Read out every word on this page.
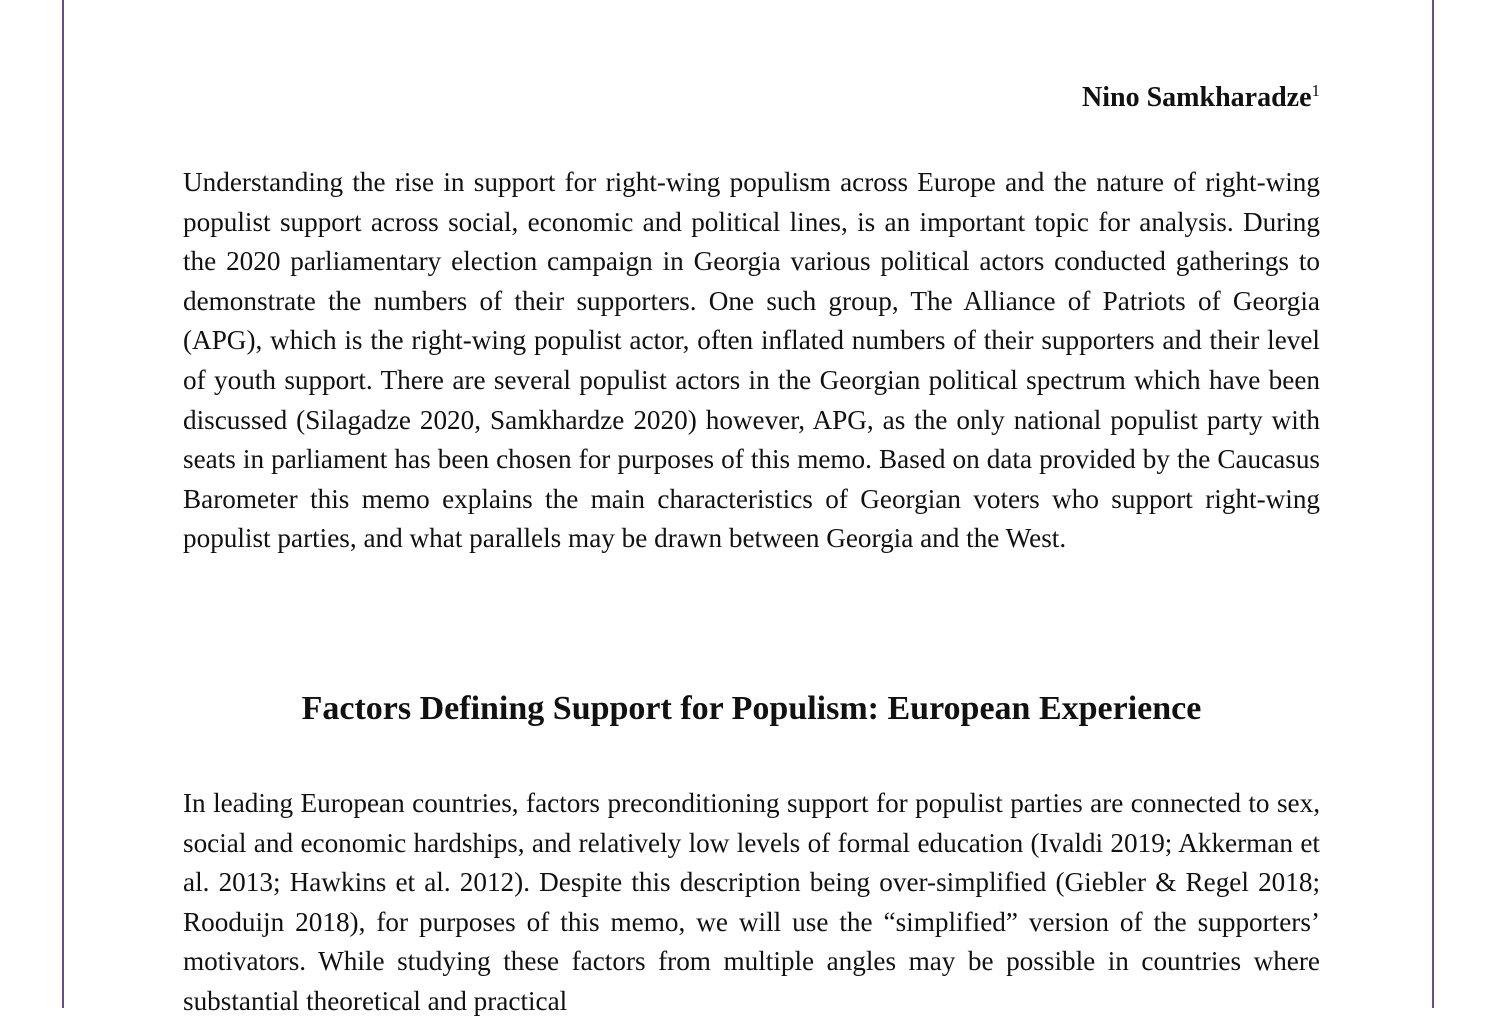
Nino Samkharadze$^1$

Understanding the rise in support for right-wing populism across Europe and the nature of right-wing populist support across social, economic and political lines, is an important topic for analysis. During the 2020 parliamentary election campaign in Georgia various political actors conducted gatherings to demonstrate the numbers of their supporters. One such group, The Alliance of Patriots of Georgia (APG), which is the right-wing populist actor, often inflated numbers of their supporters and their level of youth support. There are several populist actors in the Georgian political spectrum which have been discussed (Silagadze 2020, Samkhardze 2020) however, APG, as the only national populist party with seats in parliament has been chosen for purposes of this memo. Based on data provided by the Caucasus Barometer this memo explains the main characteristics of Georgian voters who support right-wing populist parties, and what parallels may be drawn between Georgia and the West.

Factors Defining Support for Populism: European Experience

In leading European countries, factors preconditioning support for populist parties are connected to sex, social and economic hardships, and relatively low levels of formal education (Ivaldi 2019; Akkerman et al. 2013; Hawkins et al. 2012). Despite this description being over-simplified (Giebler & Regel 2018; Rooduijn 2018), for purposes of this memo, we will use the “simplified” version of the supporters’ motivators. While studying these factors from multiple angles may be possible in countries where substantial theoretical and practical
